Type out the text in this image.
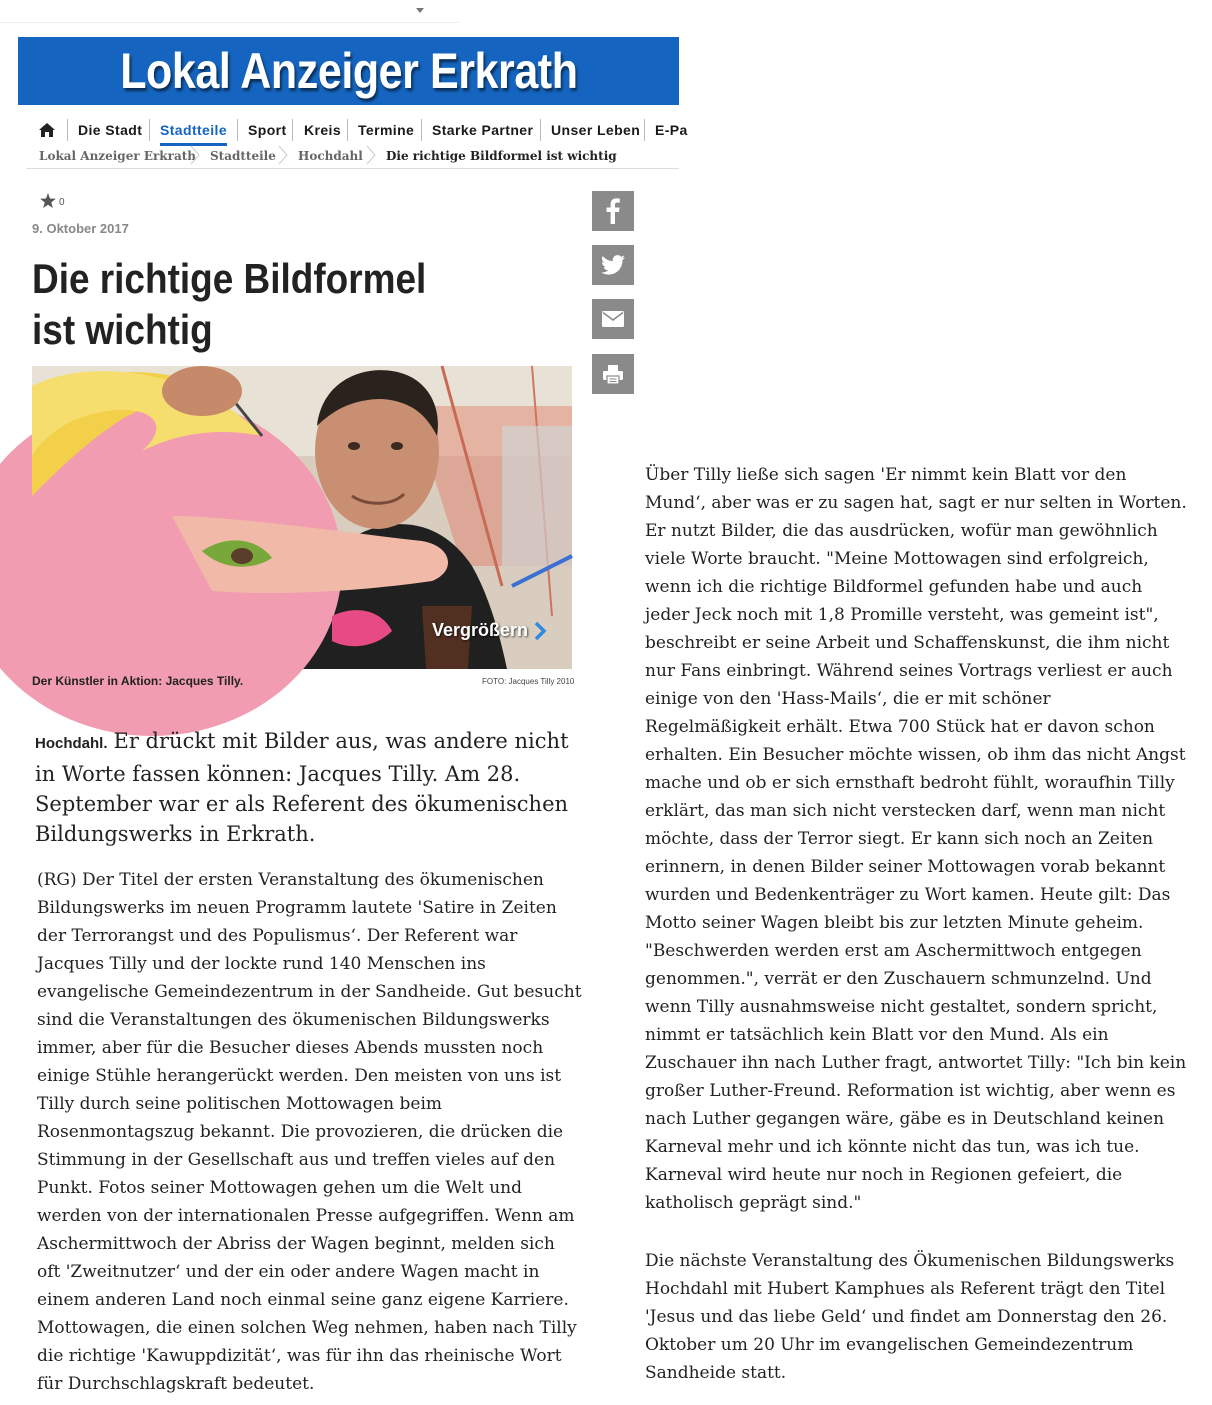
Lokal Anzeiger Erkrath
Die Stadt Stadtteile Sport Kreis Termine Starke Partner Unser Leben E-Pa
Lokal Anzeiger Erkrath Stadtteile Hochdahl Die richtige Bildformel ist wichtig
0
9. Oktober 2017
Die richtige Bildformel ist wichtig
Vergrößern
Der Künstler in Aktion: Jacques Tilly.	FOTO: Jacques Tilly 2010

Hochdahl. Er drückt mit Bilder aus, was andere nicht in Worte fassen können: Jacques Tilly. Am 28. September war er als Referent des ökumenischen Bildungswerks in Erkrath.

(RG) Der Titel der ersten Veranstaltung des ökumenischen Bildungswerks im neuen Programm lautete 'Satire in Zeiten der Terrorangst und des Populismus‘. Der Referent war Jacques Tilly und der lockte rund 140 Menschen ins evangelische Gemeindezentrum in der Sandheide. Gut besucht sind die Veranstaltungen des ökumenischen Bildungswerks immer, aber für die Besucher dieses Abends mussten noch einige Stühle herangerückt werden. Den meisten von uns ist Tilly durch seine politischen Mottowagen beim Rosenmontagszug bekannt. Die provozieren, die drücken die Stimmung in der Gesellschaft aus und treffen vieles auf den Punkt. Fotos seiner Mottowagen gehen um die Welt und werden von der internationalen Presse aufgegriffen. Wenn am Aschermittwoch der Abriss der Wagen beginnt, melden sich oft 'Zweitnutzer‘ und der ein oder andere Wagen macht in einem anderen Land noch einmal seine ganz eigene Karriere. Mottowagen, die einen solchen Weg nehmen, haben nach Tilly die richtige 'Kawuppdizität‘, was für ihn das rheinische Wort für Durchschlagskraft bedeutet.

Über Tilly ließe sich sagen 'Er nimmt kein Blatt vor den Mund‘, aber was er zu sagen hat, sagt er nur selten in Worten. Er nutzt Bilder, die das ausdrücken, wofür man gewöhnlich viele Worte braucht. "Meine Mottowagen sind erfolgreich, wenn ich die richtige Bildformel gefunden habe und auch jeder Jeck noch mit 1,8 Promille versteht, was gemeint ist", beschreibt er seine Arbeit und Schaffenskunst, die ihm nicht nur Fans einbringt. Während seines Vortrags verliest er auch einige von den 'Hass-Mails‘, die er mit schöner Regelmäßigkeit erhält. Etwa 700 Stück hat er davon schon erhalten. Ein Besucher möchte wissen, ob ihm das nicht Angst mache und ob er sich ernsthaft bedroht fühlt, woraufhin Tilly erklärt, das man sich nicht verstecken darf, wenn man nicht möchte, dass der Terror siegt. Er kann sich noch an Zeiten erinnern, in denen Bilder seiner Mottowagen vorab bekannt wurden und Bedenkenträger zu Wort kamen. Heute gilt: Das Motto seiner Wagen bleibt bis zur letzten Minute geheim. "Beschwerden werden erst am Aschermittwoch entgegen genommen.", verrät er den Zuschauern schmunzelnd. Und wenn Tilly ausnahmsweise nicht gestaltet, sondern spricht, nimmt er tatsächlich kein Blatt vor den Mund. Als ein Zuschauer ihn nach Luther fragt, antwortet Tilly: "Ich bin kein großer Luther-Freund. Reformation ist wichtig, aber wenn es nach Luther gegangen wäre, gäbe es in Deutschland keinen Karneval mehr und ich könnte nicht das tun, was ich tue. Karneval wird heute nur noch in Regionen gefeiert, die katholisch geprägt sind."

Die nächste Veranstaltung des Ökumenischen Bildungswerks Hochdahl mit Hubert Kamphues als Referent trägt den Titel 'Jesus und das liebe Geld‘ und findet am Donnerstag den 26. Oktober um 20 Uhr im evangelischen Gemeindezentrum Sandheide statt.
